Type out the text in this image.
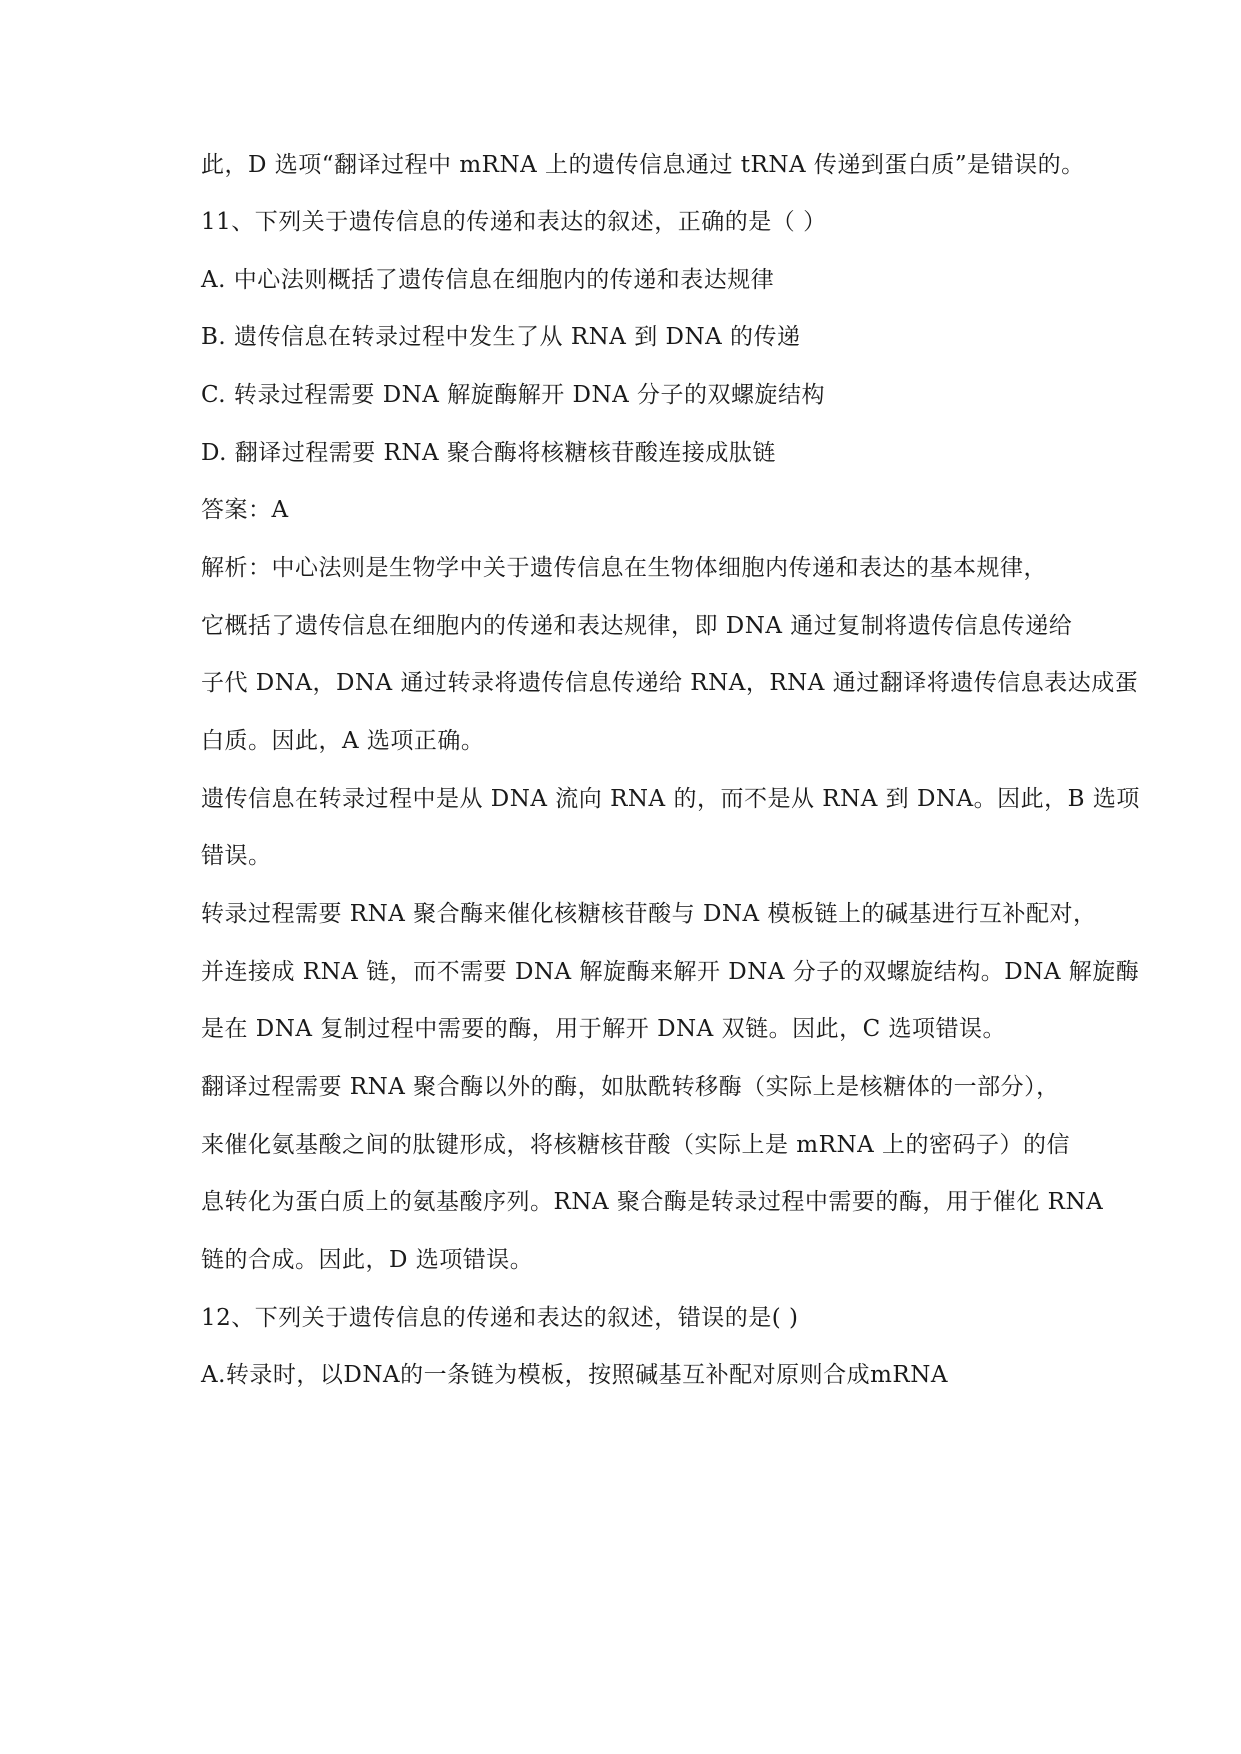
此，D 选项“翻译过程中 mRNA 上的遗传信息通过 tRNA 传递到蛋白质”是错误的。
11、下列关于遗传信息的传递和表达的叙述，正确的是（ ）
A. 中心法则概括了遗传信息在细胞内的传递和表达规律
B. 遗传信息在转录过程中发生了从 RNA 到 DNA 的传递
C. 转录过程需要 DNA 解旋酶解开 DNA 分子的双螺旋结构
D. 翻译过程需要 RNA 聚合酶将核糖核苷酸连接成肽链
答案：A
解析：中心法则是生物学中关于遗传信息在生物体细胞内传递和表达的基本规律，
它概括了遗传信息在细胞内的传递和表达规律，即 DNA 通过复制将遗传信息传递给
子代 DNA，DNA 通过转录将遗传信息传递给 RNA，RNA 通过翻译将遗传信息表达成蛋
白质。因此，A 选项正确。
遗传信息在转录过程中是从 DNA 流向 RNA 的，而不是从 RNA 到 DNA。因此，B 选项
错误。
转录过程需要 RNA 聚合酶来催化核糖核苷酸与 DNA 模板链上的碱基进行互补配对，
并连接成 RNA 链，而不需要 DNA 解旋酶来解开 DNA 分子的双螺旋结构。DNA 解旋酶
是在 DNA 复制过程中需要的酶，用于解开 DNA 双链。因此，C 选项错误。
翻译过程需要 RNA 聚合酶以外的酶，如肽酰转移酶（实际上是核糖体的一部分），
来催化氨基酸之间的肽键形成，将核糖核苷酸（实际上是 mRNA 上的密码子）的信
息转化为蛋白质上的氨基酸序列。RNA 聚合酶是转录过程中需要的酶，用于催化 RNA
链的合成。因此，D 选项错误。
12、下列关于遗传信息的传递和表达的叙述，错误的是( )
A.转录时，以DNA的一条链为模板，按照碱基互补配对原则合成mRNA
